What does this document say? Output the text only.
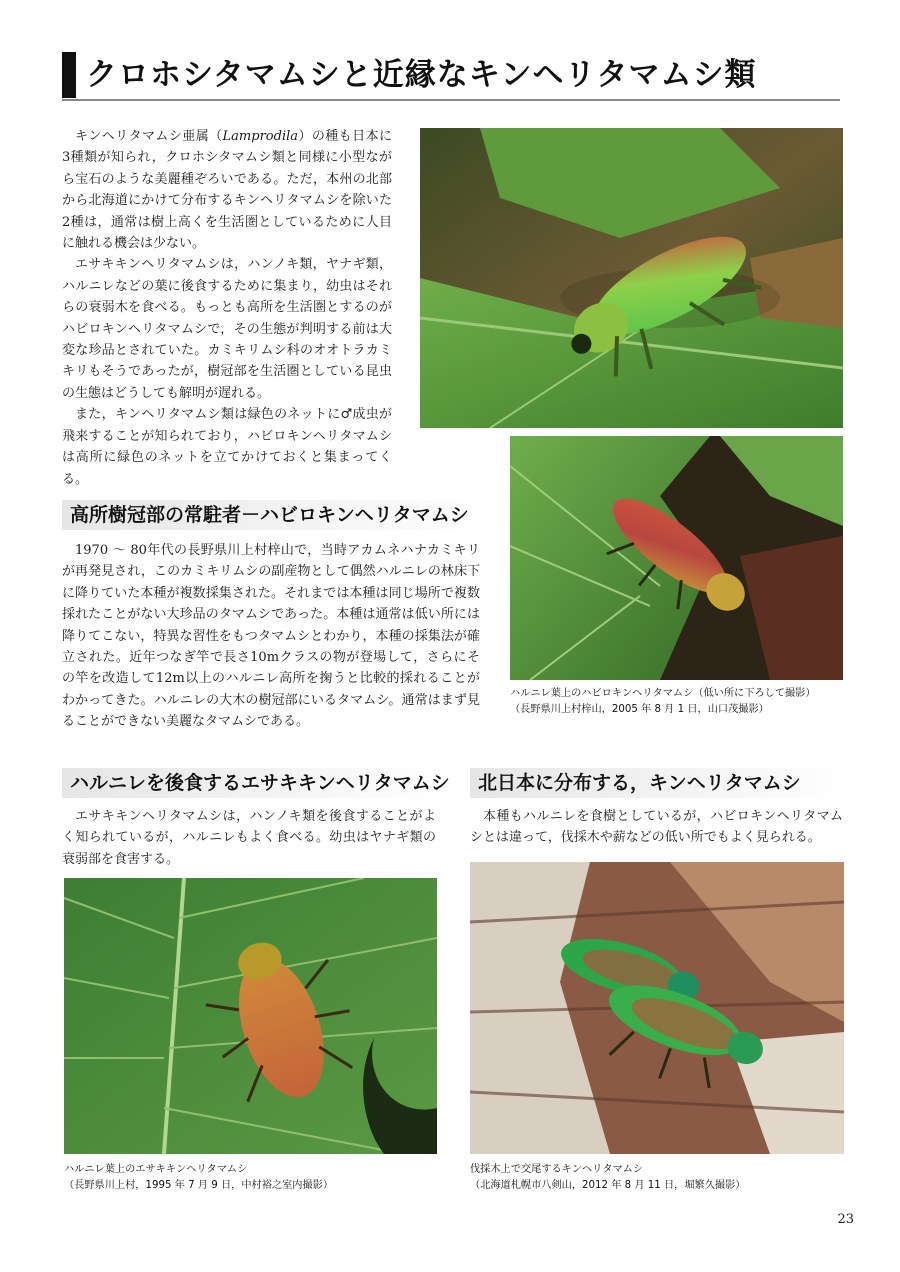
クロホシタマムシと近縁なキンヘリタマムシ類

キンヘリタマムシ亜属（Lamprodila）の種も日本に3種類が知られ，クロホシタマムシ類と同様に小型ながら宝石のような美麗種ぞろいである。ただ，本州の北部から北海道にかけて分布するキンヘリタマムシを除いた2種は，通常は樹上高くを生活圏としているために人目に触れる機会は少ない。

エサキキンヘリタマムシは，ハンノキ類，ヤナギ類，ハルニレなどの葉に後食するために集まり，幼虫はそれらの衰弱木を食べる。もっとも高所を生活圏とするのがハビロキンヘリタマムシで，その生態が判明する前は大変な珍品とされていた。カミキリムシ科のオオトラカミキリもそうであったが，樹冠部を生活圏としている昆虫の生態はどうしても解明が遅れる。

また，キンヘリタマムシ類は緑色のネットに♂成虫が飛来することが知られており，ハビロキンヘリタマムシは高所に緑色のネットを立てかけておくと集まってくる。

高所樹冠部の常駐者－ハビロキンヘリタマムシ

1970 ～ 80年代の長野県川上村梓山で，当時アカムネハナカミキリが再発見され，このカミキリムシの副産物として偶然ハルニレの林床下に降りていた本種が複数採集された。それまでは本種は同じ場所で複数採れたことがない大珍品のタマムシであった。本種は通常は低い所には降りてこない，特異な習性をもつタマムシとわかり，本種の採集法が確立された。近年つなぎ竿で長さ10mクラスの物が登場して，さらにその竿を改造して12m以上のハルニレ高所を掬うと比較的採れることがわかってきた。ハルニレの大木の樹冠部にいるタマムシ。通常はまず見ることができない美麗なタマムシである。

ハルニレ葉上のハビロキンヘリタマムシ（低い所に下ろして撮影）
（長野県川上村梓山，2005 年 8 月 1 日，山口茂撮影）
ハルニレを後食するエサキキンヘリタマムシ

エサキキンヘリタマムシは，ハンノキ類を後食することがよく知られているが，ハルニレもよく食べる。幼虫はヤナギ類の衰弱部を食害する。

ハルニレ葉上のエサキキンヘリタマムシ
（長野県川上村，1995 年 7 月 9 日，中村裕之室内撮影）
北日本に分布する，キンヘリタマムシ

本種もハルニレを食樹としているが，ハビロキンヘリタマムシとは違って，伐採木や薪などの低い所でもよく見られる。

伐採木上で交尾するキンヘリタマムシ
（北海道札幌市八剣山，2012 年 8 月 11 日，堀繁久撮影）
23
